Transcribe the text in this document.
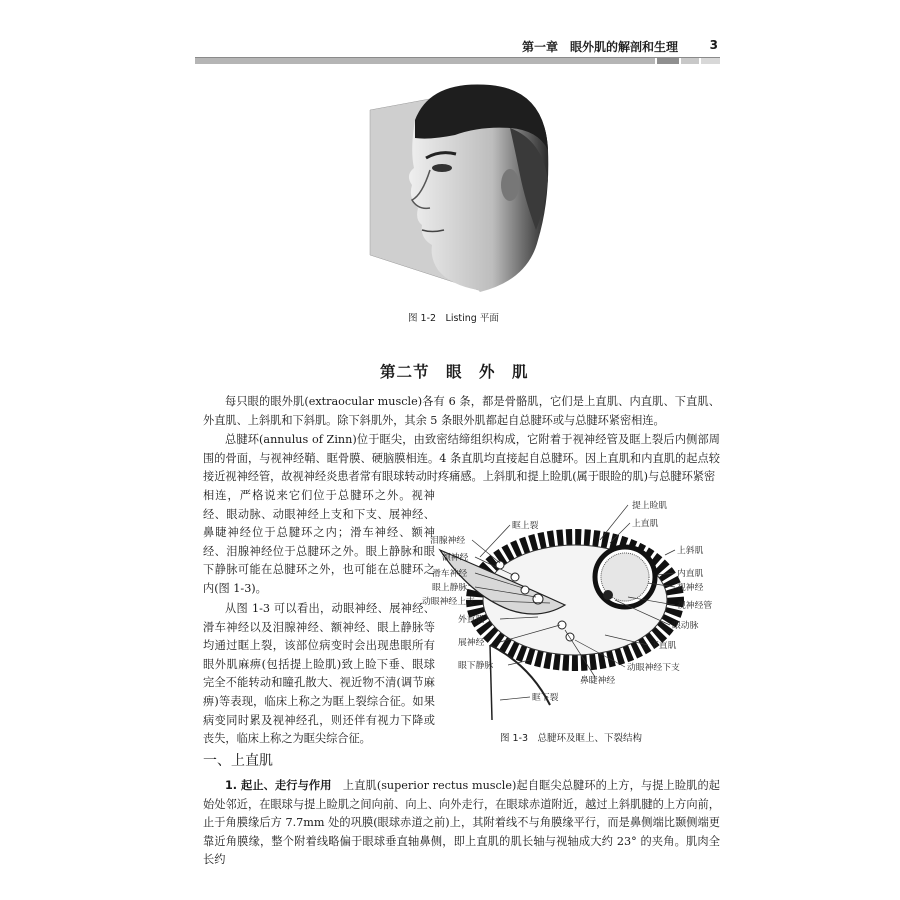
第一章　眼外肌的解剖和生理	3
图 1-2　Listing 平面
第二节　眼　外　肌

每只眼的眼外肌(extraocular muscle)各有 6 条，都是骨骼肌，它们是上直肌、内直肌、下直肌、外直肌、上斜肌和下斜肌。除下斜肌外，其余 5 条眼外肌都起自总腱环或与总腱环紧密相连。

总腱环(annulus of Zinn)位于眶尖，由致密结缔组织构成，它附着于视神经管及眶上裂后内侧部周围的骨面，与视神经鞘、眶骨膜、硬脑膜相连。4 条直肌均直接起自总腱环。因上直肌和内直肌的起点较接近视神经管，故视神经炎患者常有眼球转动时疼痛感。上斜肌和提上睑肌(属于眼睑的肌)与总腱环紧密

相连，严格说来它们位于总腱环之外。视神经、眼动脉、动眼神经上支和下支、展神经、鼻睫神经位于总腱环之内；滑车神经、额神经、泪腺神经位于总腱环之外。眼上静脉和眼下静脉可能在总腱环之外，也可能在总腱环之内(图 1-3)。

从图 1-3 可以看出，动眼神经、展神经、滑车神经以及泪腺神经、额神经、眼上静脉等均通过眶上裂，该部位病变时会出现患眼所有眼外肌麻痹(包括提上睑肌)致上睑下垂、眼球完全不能转动和瞳孔散大、视近物不清(调节麻痹)等表现，临床上称之为眶上裂综合征。如果病变同时累及视神经孔，则还伴有视力下降或丧失，临床上称之为眶尖综合征。

提上睑肌
上直肌
上斜肌
内直肌
视神经
视神经管
眼动脉
下直肌
动眼神经下支
鼻睫神经
眼下静脉
眶下裂
眶上裂
泪腺神经
额神经
滑车神经
眼上静脉
动眼神经上支
外直肌
展神经
图 1-3　总腱环及眶上、下裂结构
一、上直肌

1. 起止、走行与作用　 上直肌(superior rectus muscle)起自眶尖总腱环的上方，与提上睑肌的起始处邻近，在眼球与提上睑肌之间向前、向上、向外走行，在眼球赤道附近，越过上斜肌腱的上方向前，止于角膜缘后方 7.7mm 处的巩膜(眼球赤道之前)上，其附着线不与角膜缘平行，而是鼻侧端比颞侧端更靠近角膜缘，整个附着线略偏于眼球垂直轴鼻侧，即上直肌的肌长轴与视轴成大约 23° 的夹角。肌肉全长约
